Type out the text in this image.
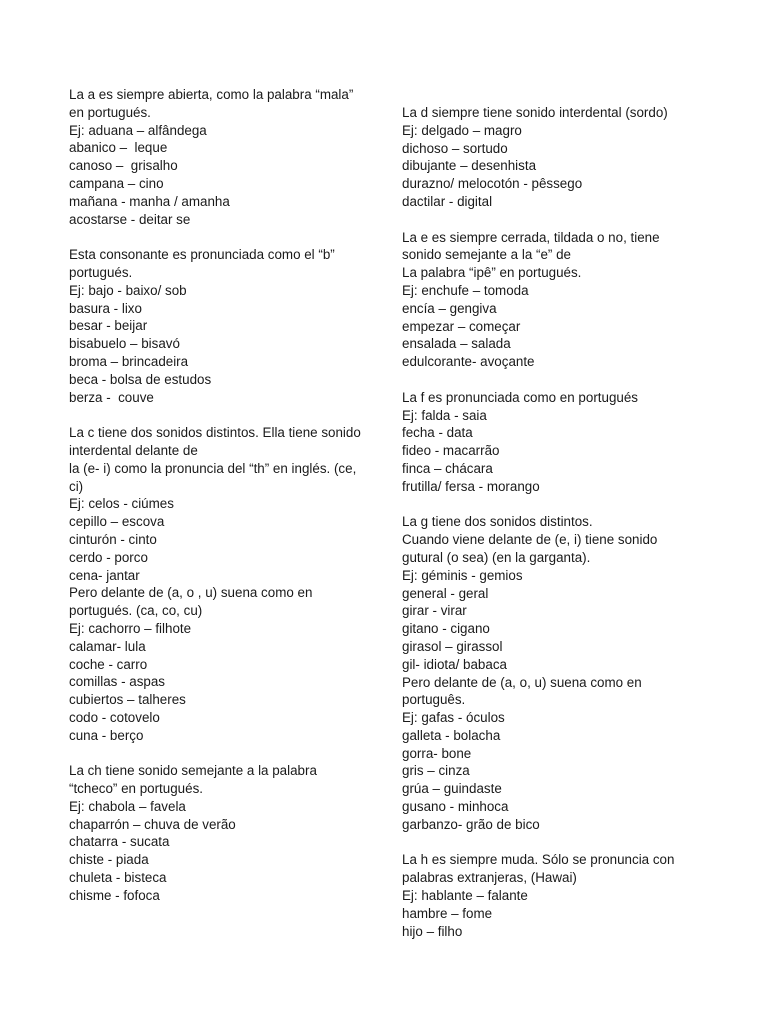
La a es siempre abierta, como la palabra “mala”

en portugués.

Ej: aduana – alfândega

abanico –  leque

canoso –  grisalho

campana – cino

mañana - manha / amanha

acostarse - deitar se

Esta consonante es pronunciada como el “b”

portugués.

Ej: bajo - baixo/ sob

basura - lixo

besar - beijar

bisabuelo – bisavó

broma – brincadeira

beca - bolsa de estudos

berza -  couve

La c tiene dos sonidos distintos. Ella tiene sonido

interdental delante de

la (e- i) como la pronuncia del “th” en inglés. (ce,

ci)

Ej: celos - ciúmes

cepillo – escova

cinturón - cinto

cerdo - porco

cena- jantar

Pero delante de (a, o , u) suena como en

portugués. (ca, co, cu)

Ej: cachorro – filhote

calamar- lula

coche - carro

comillas - aspas

cubiertos – talheres

codo - cotovelo

cuna - berço

La ch tiene sonido semejante a la palabra

“tcheco” en portugués.

Ej: chabola – favela

chaparrón – chuva de verão

chatarra - sucata

chiste - piada

chuleta - bisteca

chisme - fofoca

La d siempre tiene sonido interdental (sordo)

Ej: delgado – magro

dichoso – sortudo

dibujante – desenhista

durazno/ melocotón - pêssego

dactilar - digital

La e es siempre cerrada, tildada o no, tiene

sonido semejante a la “e” de

La palabra “ipê” en portugués.

Ej: enchufe – tomoda

encía – gengiva

empezar – começar

ensalada – salada

edulcorante- avoçante

La f es pronunciada como en portugués

Ej: falda - saia

fecha - data

fideo - macarrão

finca – chácara

frutilla/ fersa - morango

La g tiene dos sonidos distintos.

Cuando viene delante de (e, i) tiene sonido

gutural (o sea) (en la garganta).

Ej: géminis - gemios

general - geral

girar - virar

gitano - cigano

girasol – girassol

gil- idiota/ babaca

Pero delante de (a, o, u) suena como en

português.

Ej: gafas - óculos

galleta - bolacha

gorra- bone

gris – cinza

grúa – guindaste

gusano - minhoca

garbanzo- grão de bico

La h es siempre muda. Sólo se pronuncia con

palabras extranjeras, (Hawai)

Ej: hablante – falante

hambre – fome

hijo – filho
